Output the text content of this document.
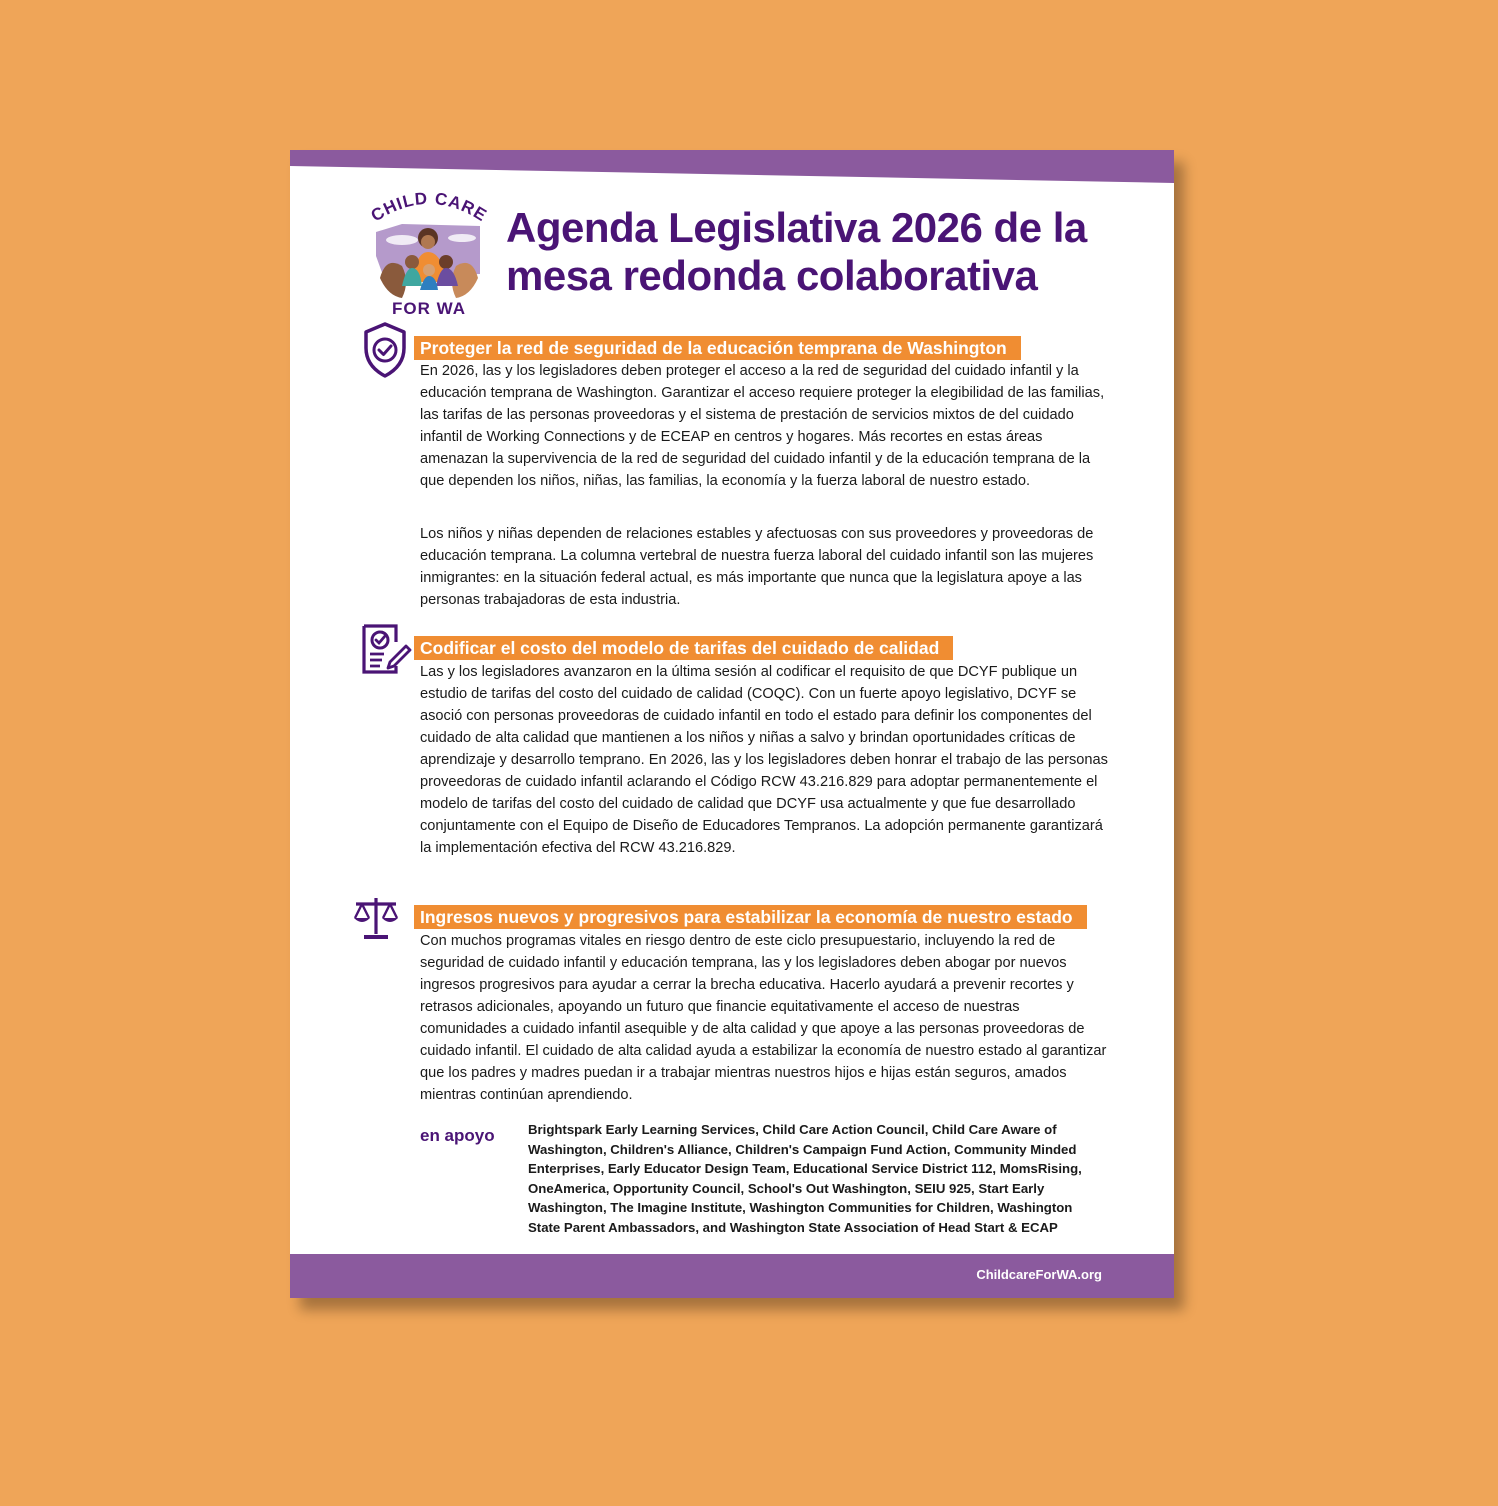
CHILD CARE
FOR WA
Agenda Legislativa 2026 de la mesa redonda colaborativa
Proteger la red de seguridad de la educación temprana de Washington

En 2026, las y los legisladores deben proteger el acceso a la red de seguridad del cuidado infantil y la educación temprana de Washington. Garantizar el acceso requiere proteger la elegibilidad de las familias, las tarifas de las personas proveedoras y el sistema de prestación de servicios mixtos de del cuidado infantil de Working Connections y de ECEAP en centros y hogares. Más recortes en estas áreas amenazan la supervivencia de la red de seguridad del cuidado infantil y de la educación temprana de la que dependen los niños, niñas, las familias, la economía y la fuerza laboral de nuestro estado.

Los niños y niñas dependen de relaciones estables y afectuosas con sus proveedores y proveedoras de educación temprana. La columna vertebral de nuestra fuerza laboral del cuidado infantil son las mujeres inmigrantes: en la situación federal actual, es más importante que nunca que la legislatura apoye a las personas trabajadoras de esta industria.

Codificar el costo del modelo de tarifas del cuidado de calidad

Las y los legisladores avanzaron en la última sesión al codificar el requisito de que DCYF publique un estudio de tarifas del costo del cuidado de calidad (COQC). Con un fuerte apoyo legislativo, DCYF se asoció con personas proveedoras de cuidado infantil en todo el estado para definir los componentes del cuidado de alta calidad que mantienen a los niños y niñas a salvo y brindan oportunidades críticas de aprendizaje y desarrollo temprano. En 2026, las y los legisladores deben honrar el trabajo de las personas proveedoras de cuidado infantil aclarando el Código RCW 43.216.829 para adoptar permanentemente el modelo de tarifas del costo del cuidado de calidad que DCYF usa actualmente y que fue desarrollado conjuntamente con el Equipo de Diseño de Educadores Tempranos. La adopción permanente garantizará la implementación efectiva del RCW 43.216.829.

Ingresos nuevos y progresivos para estabilizar la economía de nuestro estado

Con muchos programas vitales en riesgo dentro de este ciclo presupuestario, incluyendo la red de seguridad de cuidado infantil y educación temprana, las y los legisladores deben abogar por nuevos ingresos progresivos para ayudar a cerrar la brecha educativa. Hacerlo ayudará a prevenir recortes y retrasos adicionales, apoyando un futuro que financie equitativamente el acceso de nuestras comunidades a cuidado infantil asequible y de alta calidad y que apoye a las personas proveedoras de cuidado infantil. El cuidado de alta calidad ayuda a estabilizar la economía de nuestro estado al garantizar que los padres y madres puedan ir a trabajar mientras nuestros hijos e hijas están seguros, amados mientras continúan aprendiendo.

en apoyo	Brightspark Early Learning Services, Child Care Action Council, Child Care Aware of Washington, Children's Alliance, Children's Campaign Fund Action, Community Minded Enterprises, Early Educator Design Team, Educational Service District 112, MomsRising, OneAmerica, Opportunity Council, School's Out Washington, SEIU 925, Start Early Washington, The Imagine Institute, Washington Communities for Children, Washington State Parent Ambassadors, and Washington State Association of Head Start & ECAP

ChildcareForWA.org
